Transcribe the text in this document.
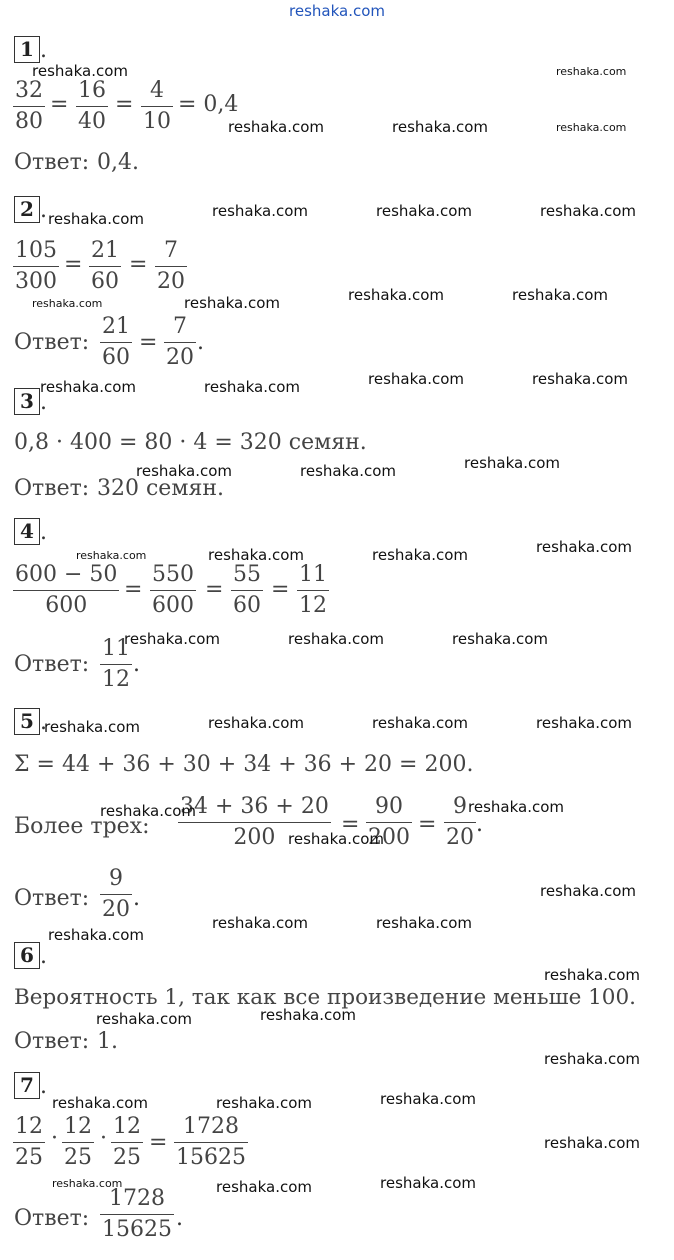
reshaka.com
1 .
$\frac{32}{80} = \frac{16}{40} = \frac{4}{10} = 0,4$
Ответ: 0,4.
2 .
$\frac{105}{300} = \frac{21}{60} = \frac{7}{20}$
Ответ: $\frac{21}{60} = \frac{7}{20}$ .
3 .
0,8 · 400 = 80 · 4 = 320 семян.
Ответ: 320 семян.
4 .
$\frac{600 - 50}{600} = \frac{550}{600} = \frac{55}{60} = \frac{11}{12}$
Ответ: $\frac{11}{12}$ .
5 .
Σ = 44 + 36 + 30 + 34 + 36 + 20 = 200.
Более трех: $\frac{34 + 36 + 20}{200} = \frac{90}{200} = \frac{9}{20}$ .
Ответ: $\frac{9}{20}$ .
6 .
Вероятность 1, так как все произведение меньше 100.
Ответ: 1.
7 .
$\frac{12}{25} \cdot \frac{12}{25} \cdot \frac{12}{25} = \frac{1728}{15625}$
Ответ: $\frac{1728}{15625}$ .
reshaka.com	reshaka.com
reshaka.com	reshaka.com	reshaka.com
reshaka.com	reshaka.com	reshaka.com	reshaka.com
reshaka.com	reshaka.com	reshaka.com	reshaka.com
reshaka.com	reshaka.com	reshaka.com	reshaka.com
reshaka.com	reshaka.com	reshaka.com
reshaka.com	reshaka.com	reshaka.com	reshaka.com
reshaka.com	reshaka.com	reshaka.com
reshaka.com	reshaka.com	reshaka.com	reshaka.com
reshaka.com
reshaka.com
reshaka.com
reshaka.com
reshaka.com	reshaka.com
reshaka.com
reshaka.com
reshaka.com	reshaka.com
reshaka.com
reshaka.com	reshaka.com	reshaka.com
reshaka.com
reshaka.com	reshaka.com	reshaka.com
